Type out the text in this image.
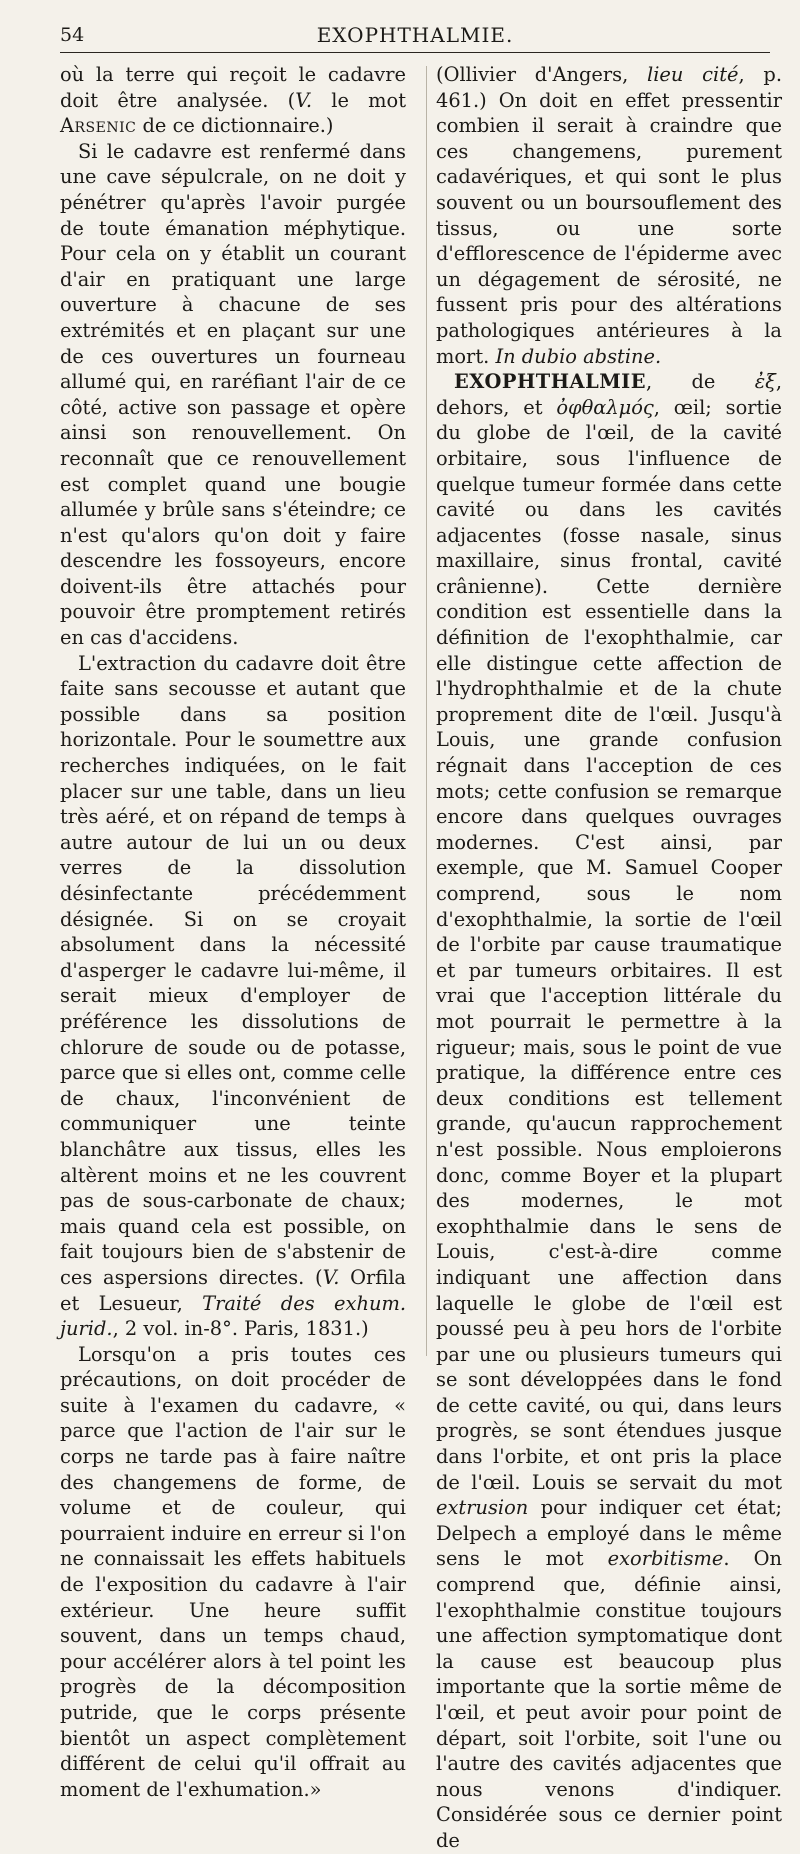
54	EXOPHTHALMIE.

où la terre qui reçoit le cadavre doit être analysée. (V. le mot Arsenic de ce dictionnaire.)

Si le cadavre est renfermé dans une cave sépulcrale, on ne doit y pénétrer qu'après l'avoir purgée de toute émanation méphytique. Pour cela on y établit un courant d'air en pratiquant une large ouverture à chacune de ses extrémités et en plaçant sur une de ces ouvertures un fourneau allumé qui, en raréfiant l'air de ce côté, active son passage et opère ainsi son renouvellement. On reconnaît que ce renouvellement est complet quand une bougie allumée y brûle sans s'éteindre; ce n'est qu'alors qu'on doit y faire descendre les fossoyeurs, encore doivent-ils être attachés pour pouvoir être promptement retirés en cas d'accidens.

L'extraction du cadavre doit être faite sans secousse et autant que possible dans sa position horizontale. Pour le soumettre aux recherches indiquées, on le fait placer sur une table, dans un lieu très aéré, et on répand de temps à autre autour de lui un ou deux verres de la dissolution désinfectante précédemment désignée. Si on se croyait absolument dans la nécessité d'asperger le cadavre lui-même, il serait mieux d'employer de préférence les dissolutions de chlorure de soude ou de potasse, parce que si elles ont, comme celle de chaux, l'inconvénient de communiquer une teinte blanchâtre aux tissus, elles les altèrent moins et ne les couvrent pas de sous-carbonate de chaux; mais quand cela est possible, on fait toujours bien de s'abstenir de ces aspersions directes. (V. Orfila et Lesueur, Traité des exhum. jurid., 2 vol. in-8°. Paris, 1831.)

Lorsqu'on a pris toutes ces précautions, on doit procéder de suite à l'examen du cadavre, « parce que l'action de l'air sur le corps ne tarde pas à faire naître des changemens de forme, de volume et de couleur, qui pourraient induire en erreur si l'on ne connaissait les effets habituels de l'exposition du cadavre à l'air extérieur. Une heure suffit souvent, dans un temps chaud, pour accélérer alors à tel point les progrès de la décomposition putride, que le corps présente bientôt un aspect complètement différent de celui qu'il offrait au moment de l'exhumation.»

(Ollivier d'Angers, lieu cité, p. 461.) On doit en effet pressentir combien il serait à craindre que ces changemens, purement cadavériques, et qui sont le plus souvent ou un boursouflement des tissus, ou une sorte d'efflorescence de l'épiderme avec un dégagement de sérosité, ne fussent pris pour des altérations pathologiques antérieures à la mort. In dubio abstine.

EXOPHTHALMIE, de ἐξ, dehors, et ὀφθαλμός, œil; sortie du globe de l'œil, de la cavité orbitaire, sous l'influence de quelque tumeur formée dans cette cavité ou dans les cavités adjacentes (fosse nasale, sinus maxillaire, sinus frontal, cavité crânienne). Cette dernière condition est essentielle dans la définition de l'exophthalmie, car elle distingue cette affection de l'hydrophthalmie et de la chute proprement dite de l'œil. Jusqu'à Louis, une grande confusion régnait dans l'acception de ces mots; cette confusion se remarque encore dans quelques ouvrages modernes. C'est ainsi, par exemple, que M. Samuel Cooper comprend, sous le nom d'exophthalmie, la sortie de l'œil de l'orbite par cause traumatique et par tumeurs orbitaires. Il est vrai que l'acception littérale du mot pourrait le permettre à la rigueur; mais, sous le point de vue pratique, la différence entre ces deux conditions est tellement grande, qu'aucun rapprochement n'est possible. Nous emploierons donc, comme Boyer et la plupart des modernes, le mot exophthalmie dans le sens de Louis, c'est-à-dire comme indiquant une affection dans laquelle le globe de l'œil est poussé peu à peu hors de l'orbite par une ou plusieurs tumeurs qui se sont développées dans le fond de cette cavité, ou qui, dans leurs progrès, se sont étendues jusque dans l'orbite, et ont pris la place de l'œil. Louis se servait du mot extrusion pour indiquer cet état; Delpech a employé dans le même sens le mot exorbitisme. On comprend que, définie ainsi, l'exophthalmie constitue toujours une affection symptomatique dont la cause est beaucoup plus importante que la sortie même de l'œil, et peut avoir pour point de départ, soit l'orbite, soit l'une ou l'autre des cavités adjacentes que nous venons d'indiquer. Considérée sous ce dernier point de
